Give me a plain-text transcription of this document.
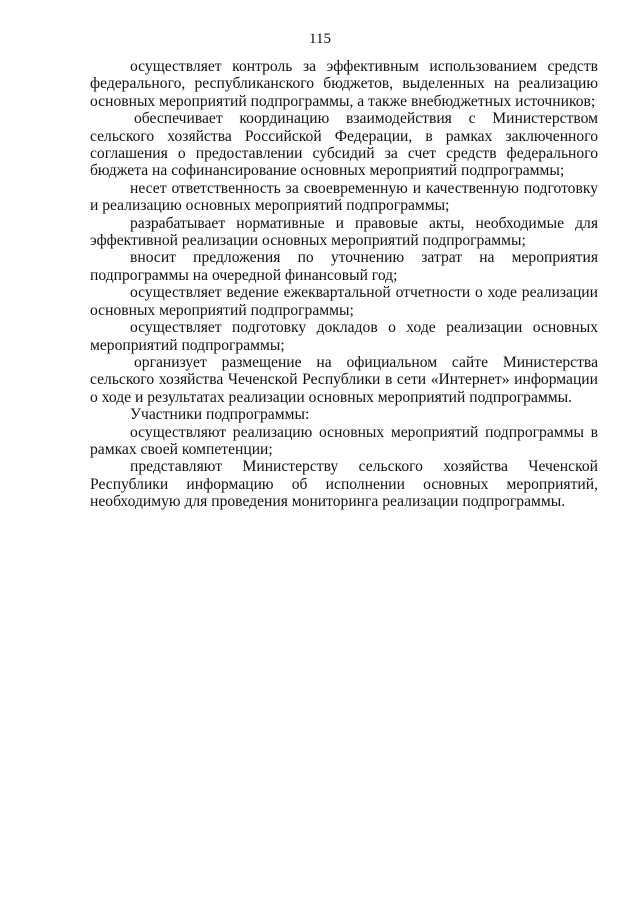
115

осуществляет контроль за эффективным использованием средств федерального, республиканского бюджетов, выделенных на реализацию основных мероприятий подпрограммы, а также внебюджетных источников;

обеспечивает координацию взаимодействия с Министерством сельского хозяйства Российской Федерации, в рамках заключенного соглашения о предоставлении субсидий за счет средств федерального бюджета на софинансирование основных мероприятий подпрограммы;

несет ответственность за своевременную и качественную подготовку и реализацию основных мероприятий подпрограммы;

разрабатывает нормативные и правовые акты, необходимые для эффективной реализации основных мероприятий подпрограммы;

вносит предложения по уточнению затрат на мероприятия подпрограммы на очередной финансовый год;

осуществляет ведение ежеквартальной отчетности о ходе реализации основных мероприятий подпрограммы;

осуществляет подготовку докладов о ходе реализации основных мероприятий подпрограммы;

организует размещение на официальном сайте Министерства сельского хозяйства Чеченской Республики в сети «Интернет» информации о ходе и результатах реализации основных мероприятий подпрограммы.

Участники подпрограммы:

осуществляют реализацию основных мероприятий подпрограммы в рамках своей компетенции;

представляют Министерству сельского хозяйства Чеченской Республики информацию об исполнении основных мероприятий, необходимую для проведения мониторинга реализации подпрограммы.
